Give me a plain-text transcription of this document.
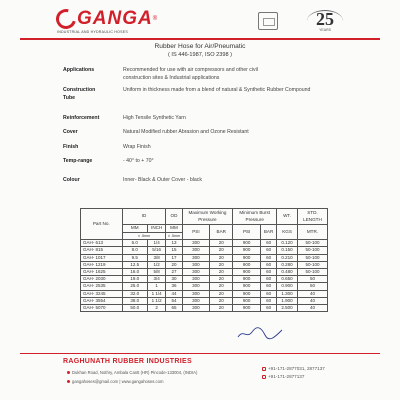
GANGA ®
INDUSTRIAL AND HYDRAULIC HOSES
25
YEARS
Rubber Hose for Air/Pneumatic
( IS 446-1987, ISO 2398 )
Applications	Recommended for use with air compressors and other civil
construction sites & Industrial applications
Construction
Tube
Uniform in thickness made from a blend of natural & Synthetic Rubber Compound
Reinforcement	High Tensile Synthetic Yarn
Cover	Natural Modified rubber Abrasion and Ozone Resistant
Finish	Wrap Finish
Temp-range	- 40° to + 70°
Colour	Inner- Black & Outer Cover - black
Part No.	ID		OD	Maximum Working Pressure		Minimum Burst Pressure		WT.	STD. LENGTH
	MM	INCH	MM	PSI	BAR	PSI	BAR	KGS	MTR.
	± .5mm		± .5mm						
GAH- 613	6.0	1/4	13	300	20	900	60	0.120	50-100
GAH- 815	8.0	5/16	15	300	20	900	60	0.150	50-100
GAH- 1017	9.5	3/8	17	300	20	900	60	0.210	50-100
GAH- 1219	12.5	1/2	20	300	20	900	60	0.280	50-100
GAH- 1625	16.0	5/8	27	300	20	900	60	0.480	50-100
GAH- 2030	19.0	3/4	30	300	20	900	60	0.650	50
GAH- 2535	25.0	1	36	300	20	900	60	0.900	50
GAH- 3245	32.0	1 1/4	44	300	20	900	60	1.300	40
GAH- 3554	38.0	1 1/2	54	300	20	900	60	1.900	40
GAH- 5070	50.0	2	65	300	20	900	60	2.500	40
RAGHUNATH RUBBER INDUSTRIES
Dukhan Road, Nothry, Ambala Cantt (HR) Pincode-133004, (INDIA)
gangahoses@gmail.com | www.gangahoses.com
+91-171-2877031, 2877137
+91-171-2877137
